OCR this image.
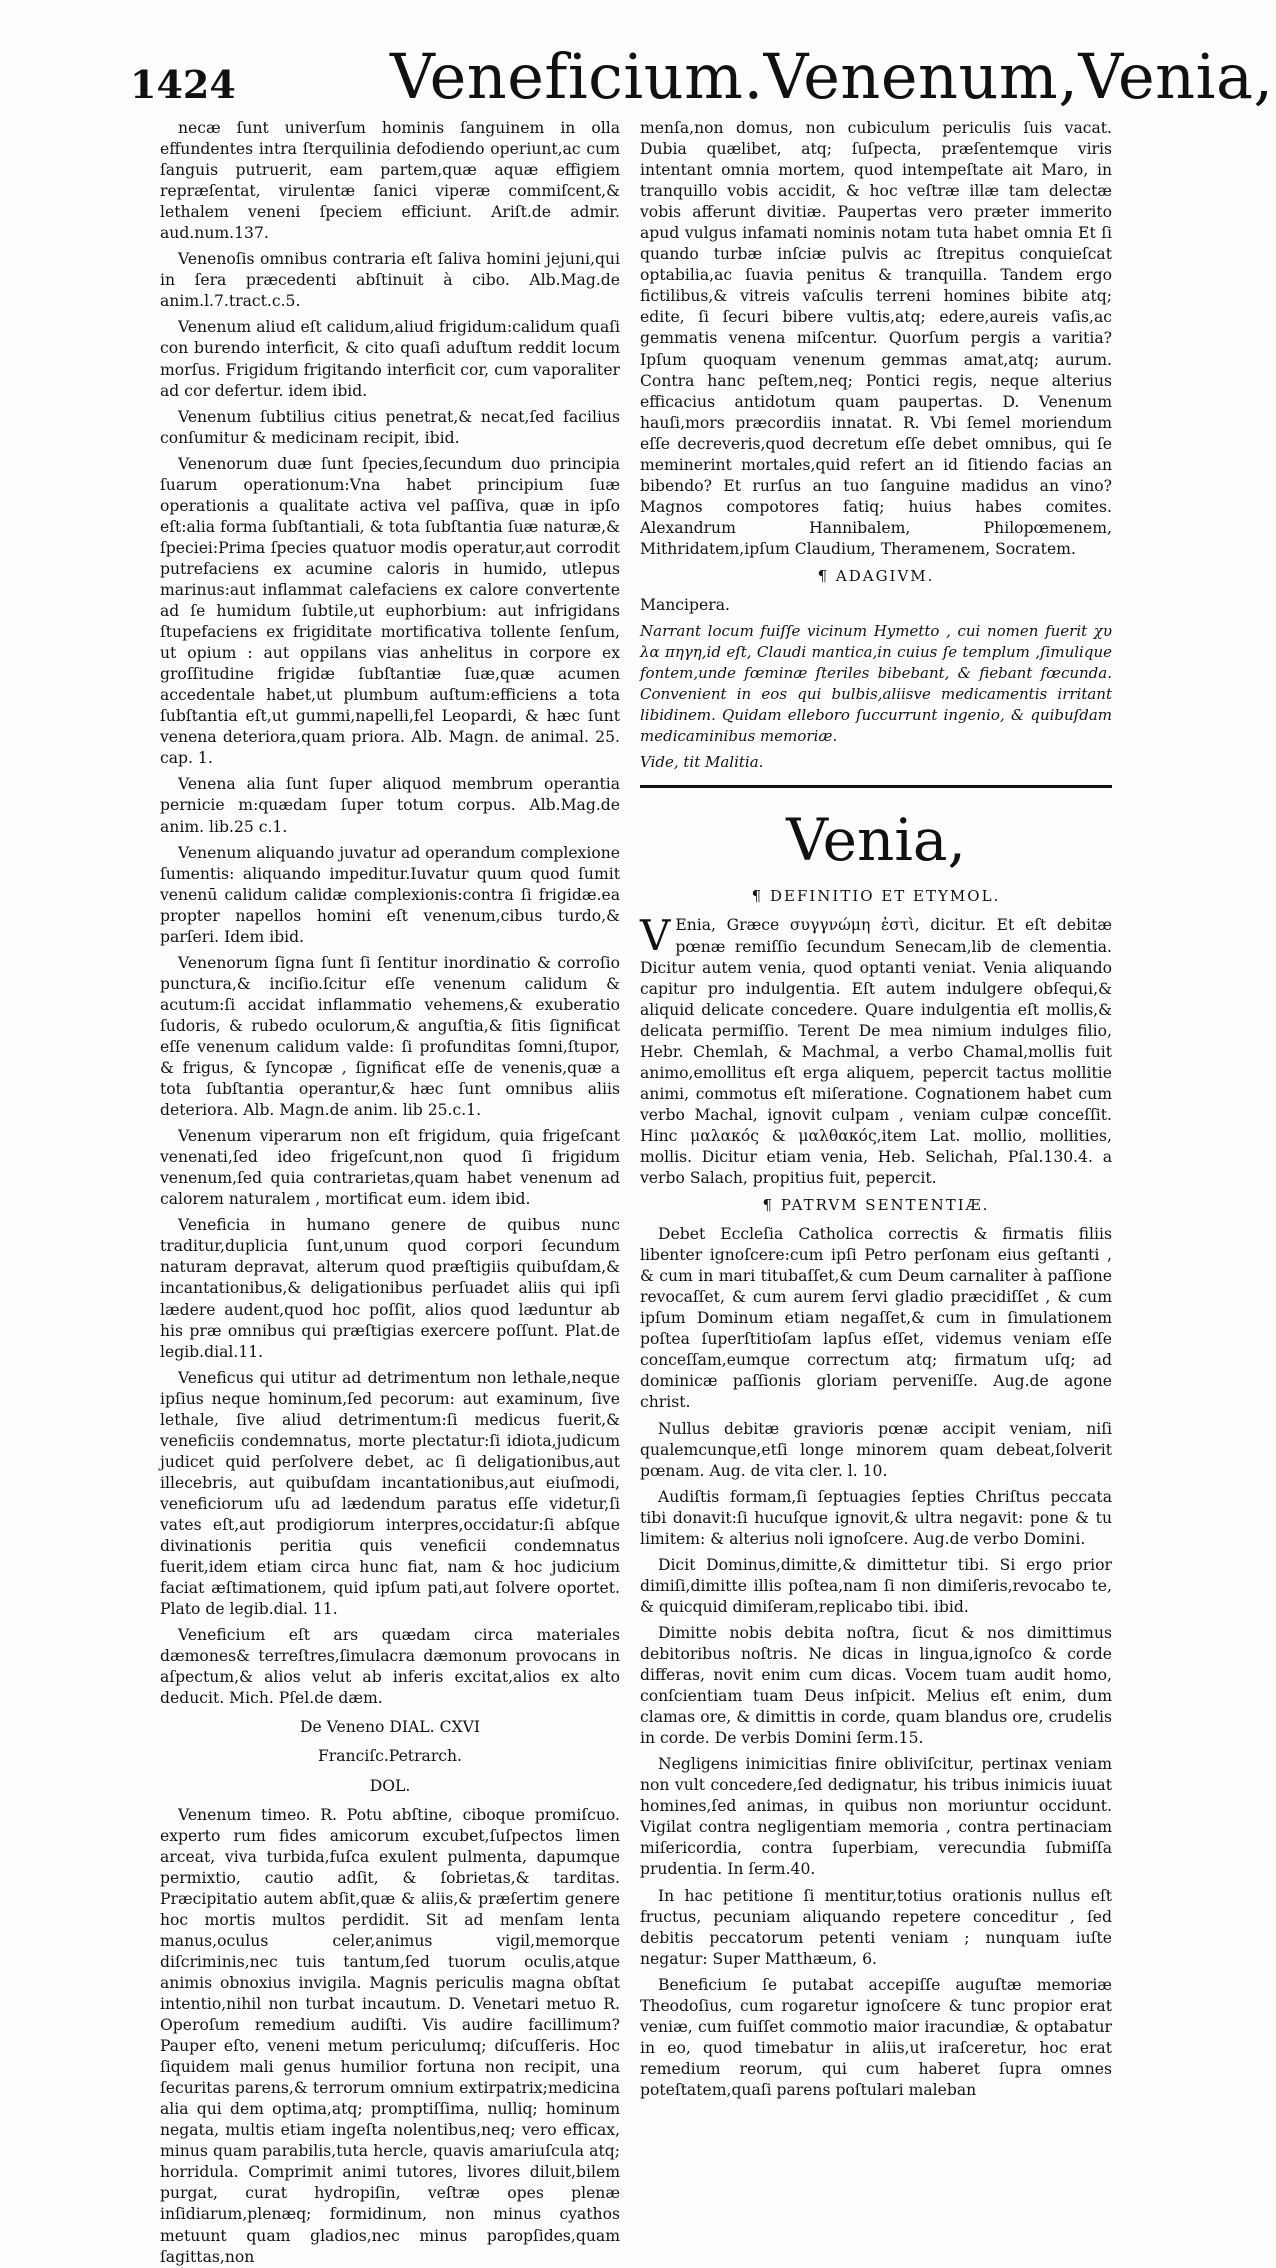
1424 Veneficium.Venenum,Venia,

necæ ſunt univerſum hominis ſanguinem in olla effundentes intra ſterquilinia defodiendo operiunt,ac cum ſanguis putruerit, eam partem,quæ aquæ effigiem repræſentat, virulentæ ſanici viperæ commiſcent,& lethalem veneni ſpeciem efficiunt. Ariſt.de admir. aud.num.137.

Venenoſis omnibus contraria eſt ſaliva homini jejuni,qui in ſera præcedenti abſtinuit à cibo. Alb.Mag.de anim.l.7.tract.c.5.

Venenum aliud eſt calidum,aliud frigidum:calidum quaſi con burendo interficit, & cito quaſi aduſtum reddit locum morſus. Frigidum frigitando interficit cor, cum vaporaliter ad cor defertur. idem ibid.

Venenum ſubtilius citius penetrat,& necat,ſed facilius conſumitur & medicinam recipit, ibid.

Venenorum duæ ſunt ſpecies,ſecundum duo principia ſuarum operationum:Vna habet principium ſuæ operationis a qualitate activa vel paſſiva, quæ in ipſo eſt:alia forma ſubſtantiali, & tota ſubſtantia ſuæ naturæ,& ſpeciei:Prima ſpecies quatuor modis operatur,aut corrodit putrefaciens ex acumine caloris in humido, utlepus marinus:aut inflammat calefaciens ex calore convertente ad ſe humidum ſubtile,ut euphorbium: aut infrigidans ſtupefaciens ex frigiditate mortificativa tollente ſenſum, ut opium : aut oppilans vias anhelitus in corpore ex groſſitudine frigidæ ſubſtantiæ ſuæ,quæ acumen accedentale habet,ut plumbum auſtum:efficiens a tota ſubſtantia eſt,ut gummi,napelli,fel Leopardi, & hæc ſunt venena deteriora,quam priora. Alb. Magn. de animal. 25. cap. 1.

Venena alia ſunt ſuper aliquod membrum operantia pernicie m:quædam ſuper totum corpus. Alb.Mag.de anim. lib.25 c.1.

Venenum aliquando juvatur ad operandum complexione ſumentis: aliquando impeditur.Iuvatur quum quod ſumit venenū calidum calidæ complexionis:contra ſi frigidæ.ea propter napellos homini eſt venenum,cibus turdo,& parſeri. Idem ibid.

Venenorum ſigna ſunt ſi ſentitur inordinatio & corroſio punctura,& inciſio.ſcitur eſſe venenum calidum & acutum:ſi accidat inflammatio vehemens,& exuberatio ſudoris, & rubedo oculorum,& anguſtia,& ſitis ſignificat eſſe venenum calidum valde: ſi profunditas ſomni,ſtupor, & frigus, & ſyncopæ , ſignificat eſſe de venenis,quæ a tota ſubſtantia operantur,& hæc ſunt omnibus aliis deteriora. Alb. Magn.de anim. lib 25.c.1.

Venenum viperarum non eſt frigidum, quia frigeſcant venenati,ſed ideo frigeſcunt,non quod ſi frigidum venenum,ſed quia contrarietas,quam habet venenum ad calorem naturalem , mortificat eum. idem ibid.

Veneficia in humano genere de quibus nunc traditur,duplicia ſunt,unum quod corpori ſecundum naturam depravat, alterum quod præſtigiis quibuſdam,& incantationibus,& deligationibus perſuadet aliis qui ipſi lædere audent,quod hoc poſſit, alios quod læduntur ab his præ omnibus qui præſtigias exercere poſſunt. Plat.de legib.dial.11.

Veneficus qui utitur ad detrimentum non lethale,neque ipſius neque hominum,ſed pecorum: aut examinum, ſive lethale, ſive aliud detrimentum:ſi medicus fuerit,& veneficiis condemnatus, morte plectatur:ſi idiota,judicum judicet quid perſolvere debet, ac ſi deligationibus,aut illecebris, aut quibuſdam incantationibus,aut eiuſmodi, veneficiorum uſu ad lædendum paratus eſſe videtur,ſi vates eſt,aut prodigiorum interpres,occidatur:ſi abſque divinationis peritia quis veneficii condemnatus fuerit,idem etiam circa hunc fiat, nam & hoc judicium faciat æſtimationem, quid ipſum pati,aut ſolvere oportet. Plato de legib.dial. 11.

Veneficium eſt ars quædam circa materiales dæmones& terreſtres,ſimulacra dæmonum provocans in aſpectum,& alios velut ab inferis excitat,alios ex alto deducit. Mich. Pſel.de dæm.

De Veneno DIAL. CXVI
Franciſc.Petrarch.
DOL.

Venenum timeo. R. Potu abſtine, ciboque promiſcuo. experto rum fides amicorum excubet,ſuſpectos limen arceat, viva turbida,fuſca exulent pulmenta, dapumque permixtio, cautio adſit, & ſobrietas,& tarditas. Præcipitatio autem abſit,quæ & aliis,& præſertim genere hoc mortis multos perdidit. Sit ad menſam lenta manus,oculus celer,animus vigil,memorque diſcriminis,nec tuis tantum,ſed tuorum oculis,atque animis obnoxius invigila. Magnis periculis magna obſtat intentio,nihil non turbat incautum. D. Venetari metuo R. Operoſum remedium audiſti. Vis audire facillimum? Pauper eſto, veneni metum periculumq; diſcuſſeris. Hoc ſiquidem mali genus humilior fortuna non recipit, una ſecuritas parens,& terrorum omnium extirpatrix;medicina alia qui dem optima,atq; promptiſſima, nulliq; hominum negata, multis etiam ingeſta nolentibus,neq; vero efficax, minus quam parabilis,tuta hercle, quavis amariuſcula atq; horridula. Comprimit animi tutores, livores diluit,bilem purgat, curat hydropiſin, veſtræ opes plenæ inſidiarum,plenæq; formidinum, non minus cyathos metuunt quam gladios,nec minus paropſides,quam ſagittas,non

menſa,non domus, non cubiculum periculis ſuis vacat. Dubia quælibet, atq; ſuſpecta, præſentemque viris intentant omnia mortem, quod intempeſtate ait Maro, in tranquillo vobis accidit, & hoc veſtræ illæ tam delectæ vobis afferunt divitiæ. Paupertas vero præter immerito apud vulgus infamati nominis notam tuta habet omnia Et ſi quando turbæ inſciæ pulvis ac ſtrepitus conquieſcat optabilia,ac ſuavia penitus & tranquilla. Tandem ergo fictilibus,& vitreis vaſculis terreni homines bibite atq; edite, ſi ſecuri bibere vultis,atq; edere,aureis vaſis,ac gemmatis venena miſcentur. Quorſum pergis a varitia? Ipſum quoquam venenum gemmas amat,atq; aurum. Contra hanc peſtem,neq; Pontici regis, neque alterius efficacius antidotum quam paupertas. D. Venenum hauſi,mors præcordiis innatat. R. Vbi ſemel moriendum eſſe decreveris,quod decretum eſſe debet omnibus, qui ſe meminerint mortales,quid refert an id ſitiendo facias an bibendo? Et rurſus an tuo ſanguine madidus an vino? Magnos compotores fatiq; huius habes comites. Alexandrum Hannibalem, Philopœmenem, Mithridatem,ipſum Claudium, Theramenem, Socratem.

¶ ADAGIVM.

Mancipera.

Narrant locum fuiſſe vicinum Hymetto , cui nomen fuerit χυ λα πηγη,id eſt, Claudi mantica,in cuius ſe templum ,ſimulique fontem,unde fœminæ ſteriles bibebant, & fiebant fœcunda. Convenient in eos qui bulbis,aliisve medicamentis irritant libidinem. Quidam elleboro ſuccurrunt ingenio, & quibuſdam medicaminibus memoriæ.

Vide, tit Malitia.

Venia,
¶ DEFINITIO ET ETYMOL.

V Enia, Græce συγγνώμη ἐστὶ, dicitur. Et eſt debitæ pœnæ remiſſio ſecundum Senecam,lib de clementia. Dicitur autem venia, quod optanti veniat. Venia aliquando capitur pro indulgentia. Eſt autem indulgere obſequi,& aliquid delicate concedere. Quare indulgentia eſt mollis,& delicata permiſſio. Terent De mea nimium indulges filio, Hebr. Chemlah, & Machmal, a verbo Chamal,mollis fuit animo,emollitus eſt erga aliquem, pepercit tactus mollitie animi, commotus eſt miſeratione. Cognationem habet cum verbo Machal, ignovit culpam , veniam culpæ conceſſit. Hinc μαλακός & μαλθακός,item Lat. mollio, mollities, mollis. Dicitur etiam venia, Heb. Selichah, Pſal.130.4. a verbo Salach, propitius fuit, pepercit.

¶ PATRVM SENTENTIÆ.

Debet Eccleſia Catholica correctis & firmatis filiis libenter ignoſcere:cum ipſi Petro perſonam eius geſtanti , & cum in mari titubaſſet,& cum Deum carnaliter à paſſione revocaſſet, & cum aurem ſervi gladio præcidiſſet , & cum ipſum Dominum etiam negaſſet,& cum in ſimulationem poſtea ſuperſtitioſam lapſus eſſet, videmus veniam eſſe conceſſam,eumque correctum atq; firmatum uſq; ad dominicæ paſſionis gloriam perveniſſe. Aug.de agone christ.

Nullus debitæ gravioris pœnæ accipit veniam, niſi qualemcunque,etſi longe minorem quam debeat,ſolverit pœnam. Aug. de vita cler. l. 10.

Audiſtis formam,ſi ſeptuagies ſepties Chriſtus peccata tibi donavit:ſi hucuſque ignovit,& ultra negavit: pone & tu limitem: & alterius noli ignoſcere. Aug.de verbo Domini.

Dicit Dominus,dimitte,& dimittetur tibi. Si ergo prior dimiſi,dimitte illis poſtea,nam ſi non dimiſeris,revocabo te, & quicquid dimiſeram,replicabo tibi. ibid.

Dimitte nobis debita noſtra, ſicut & nos dimittimus debitoribus noſtris. Ne dicas in lingua,ignoſco & corde differas, novit enim cum dicas. Vocem tuam audit homo, conſcientiam tuam Deus inſpicit. Melius eſt enim, dum clamas ore, & dimittis in corde, quam blandus ore, crudelis in corde. De verbis Domini ſerm.15.

Negligens inimicitias finire obliviſcitur, pertinax veniam non vult concedere,ſed dedignatur, his tribus inimicis iuuat homines,ſed animas, in quibus non moriuntur occidunt. Vigilat contra negligentiam memoria , contra pertinaciam miſericordia, contra ſuperbiam, verecundia ſubmiſſa prudentia. In ſerm.40.

In hac petitione ſi mentitur,totius orationis nullus eſt fructus, pecuniam aliquando repetere conceditur , ſed debitis peccatorum petenti veniam ; nunquam iuſte negatur: Super Matthæum, 6.

Beneficium ſe putabat accepiſſe auguſtæ memoriæ Theodoſius, cum rogaretur ignoſcere & tunc propior erat veniæ, cum fuiſſet commotio maior iracundiæ, & optabatur in eo, quod timebatur in aliis,ut iraſceretur, hoc erat remedium reorum, qui cum haberet ſupra omnes poteſtatem,quaſi parens poſtulari maleban
